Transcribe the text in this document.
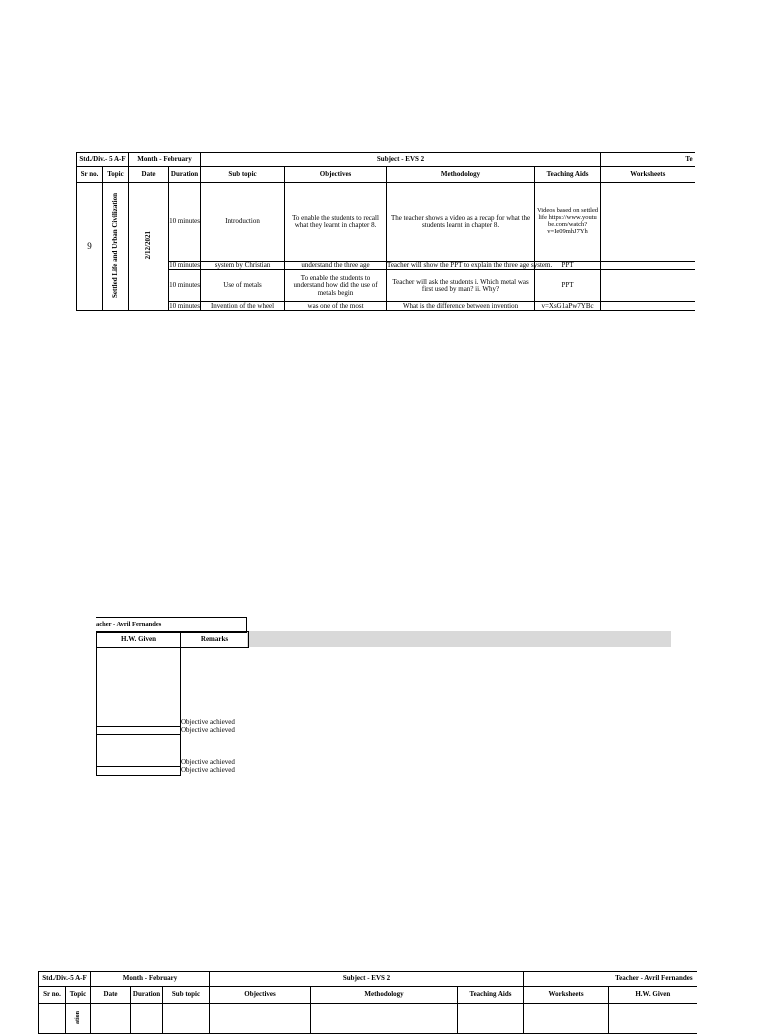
Std./Div.- 5 A-F		Month - February		Subject - EVS 2				Te
Sr no.	Topic	Date	Duration	Sub topic	Objectives	Methodology	Teaching Aids	Worksheets
9	Settled Life and Urban Civilization	2/12/2021	10 minutes	Introduction	To enable the students to recall what they learnt in chapter 8.	The teacher shows a video as a recap for what the students learnt in chapter 8.	Videos based on settled life https://www.youtu be.com/watch? v=Ie09mhJ7Yh	
			10 minutes	system by Christian	understand the three age	Teacher will show the PPT to explain the three age system.	PPT	
			10 minutes	Use of metals	To enable the students to understand how did the use of metals begin	Teacher will ask the students i. Which metal was first used by man? ii. Why?	PPT	
			10 minutes	Invention of the wheel	was one of the most	What is the difference between invention	v=XsG1aPw7YBc	
acher - Avril Fernandes
H.W. Given	Remarks
	Objective achieved
	Objective achieved
	Objective achieved
	Objective achieved
Std./Div.-5 A-F		Month - February			Subject - EVS 2			Teacher - Avril Fernandes	
Sr no.	Topic	Date	Duration	Sub topic	Objectives	Methodology	Teaching Aids	Worksheets	H.W. Given
	ation								
